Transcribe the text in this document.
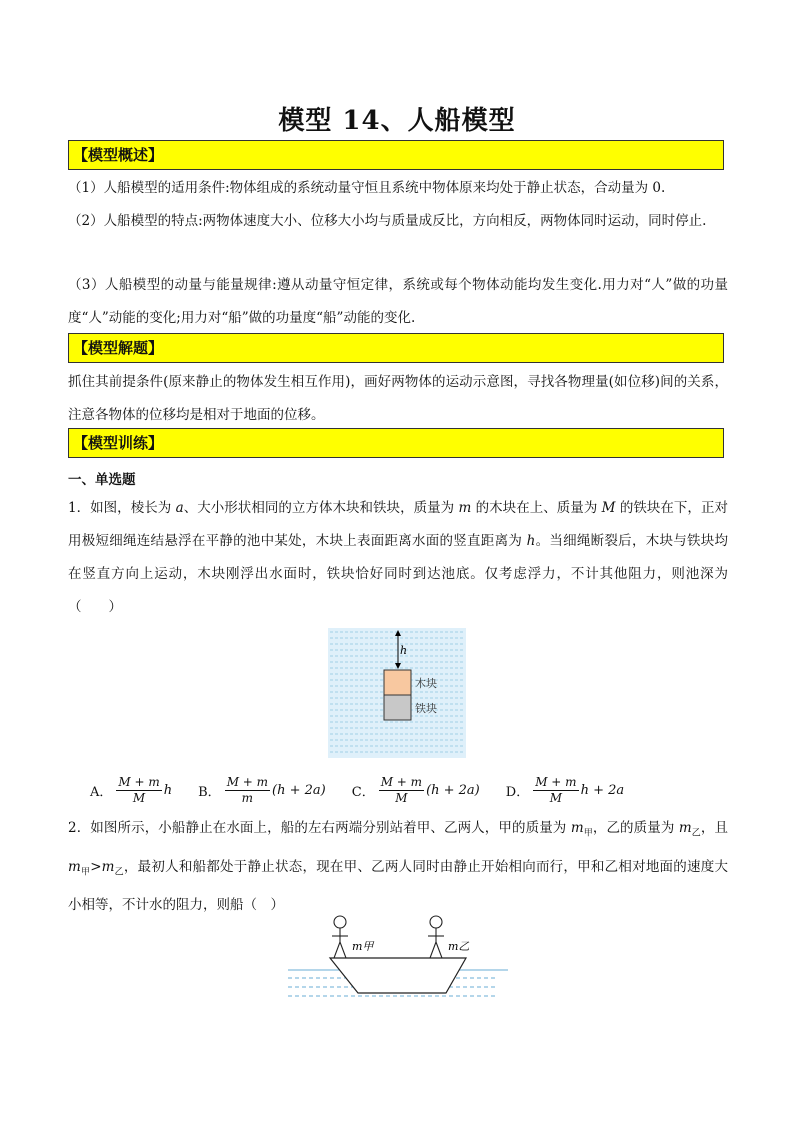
模型 14、人船模型
【模型概述】
（1）人船模型的适用条件:物体组成的系统动量守恒且系统中物体原来均处于静止状态，合动量为 0.
（2）人船模型的特点:两物体速度大小、位移大小均与质量成反比，方向相反，两物体同时运动，同时停止.
（3）人船模型的动量与能量规律:遵从动量守恒定律，系统或每个物体动能均发生变化.用力对“人”做的功量度“人”动能的变化;用力对“船”做的功量度“船”动能的变化.
【模型解题】
抓住其前提条件(原来静止的物体发生相互作用)，画好两物体的运动示意图，寻找各物理量(如位移)间的关系，注意各物体的位移均是相对于地面的位移。
【模型训练】
一、单选题
1．如图，棱长为 a、大小形状相同的立方体木块和铁块，质量为 m 的木块在上、质量为 M 的铁块在下，正对用极短细绳连结悬浮在平静的池中某处，木块上表面距离水面的竖直距离为 h。当细绳断裂后，木块与铁块均在竖直方向上运动，木块刚浮出水面时，铁块恰好同时到达池底。仅考虑浮力，不计其他阻力，则池深为（　　）
h
木块
铁块
A． $\frac{M + m}{M}$ h B． $\frac{M + m}{m} (h + 2a)$ C． $\frac{M + m}{M} (h + 2a)$ D． $\frac{M + m}{M}$ h + 2a
2．如图所示，小船静止在水面上，船的左右两端分别站着甲、乙两人，甲的质量为 $m_甲$，乙的质量为 $m_乙$，且 $m_甲>m_乙$，最初人和船都处于静止状态，现在甲、乙两人同时由静止开始相向而行，甲和乙相对地面的速度大小相等，不计水的阻力，则船（　）
m甲	m乙
